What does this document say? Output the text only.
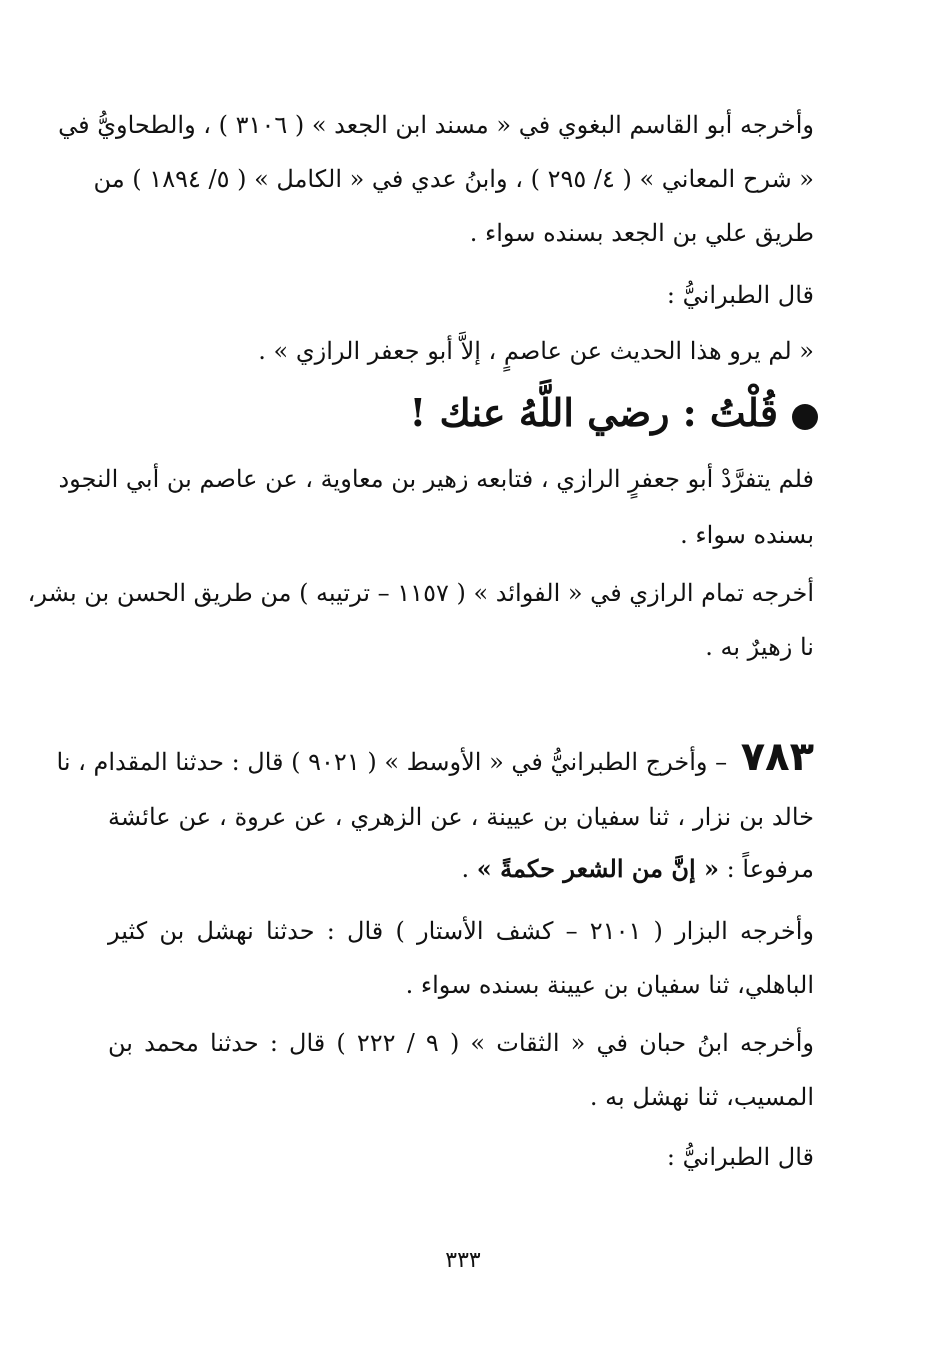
وأخرجه أبو القاسم البغوي في « مسند ابن الجعد » ( ٣١٠٦ ) ، والطحاويُّ في
« شرح المعاني » ( ٤/ ٢٩٥ ) ، وابنُ عدي في « الكامل » ( ٥/ ١٨٩٤ ) من
طريق علي بن الجعد بسنده سواء .
قال الطبرانيُّ :
« لم يرو هذا الحديث عن عاصمٍ ، إلاَّ أبو جعفر الرازي » .
قُلْتُ : رضي اللَّهُ عنك !
فلم يتفرَّدْ أبو جعفرٍ الرازي ، فتابعه زهير بن معاوية ، عن عاصم بن أبي النجود
بسنده سواء .
أخرجه تمام الرازي في « الفوائد » ( ١١٥٧ – ترتيبه ) من طريق الحسن بن بشر،
نا زهيرٌ به .
٧٨٣ – وأخرج الطبرانيُّ في « الأوسط » ( ٩٠٢١ ) قال : حدثنا المقدام ، نا
خالد بن نزار ، ثنا سفيان بن عيينة ، عن الزهري ، عن عروة ، عن عائشة
مرفوعاً : « إنَّ من الشعر حكمةً » .
وأخرجه البزار ( ٢١٠١ – كشف الأستار ) قال : حدثنا نهشل بن كثير
الباهلي، ثنا سفيان بن عيينة بسنده سواء .
وأخرجه ابنُ حبان في « الثقات » ( ٩ / ٢٢٢ ) قال : حدثنا محمد بن
المسيب، ثنا نهشل به .
قال الطبرانيُّ :
٣٣٣
